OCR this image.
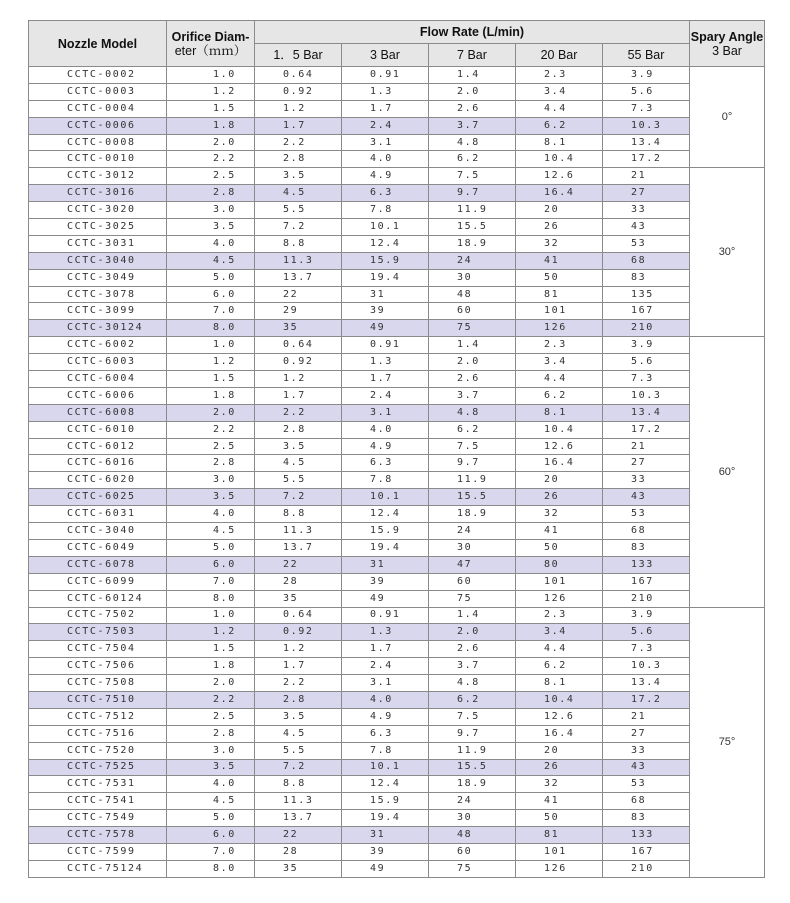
Nozzle Model	Orifice Diam-
eter（ｍｍ）	Flow Rate (L/min)					Spary Angle
3 Bar
		1．5 Bar	3 Bar	7 Bar	20 Bar	55 Bar	
CCTC-0002	1.0	0.64	0.91	1.4	2.3	3.9	0°
CCTC-0003	1.2	0.92	1.3	2.0	3.4	5.6	
CCTC-0004	1.5	1.2	1.7	2.6	4.4	7.3	
CCTC-0006	1.8	1.7	2.4	3.7	6.2	10.3	
CCTC-0008	2.0	2.2	3.1	4.8	8.1	13.4	
CCTC-0010	2.2	2.8	4.0	6.2	10.4	17.2	
CCTC-3012	2.5	3.5	4.9	7.5	12.6	21	30°
CCTC-3016	2.8	4.5	6.3	9.7	16.4	27	
CCTC-3020	3.0	5.5	7.8	11.9	20	33	
CCTC-3025	3.5	7.2	10.1	15.5	26	43	
CCTC-3031	4.0	8.8	12.4	18.9	32	53	
CCTC-3040	4.5	11.3	15.9	24	41	68	
CCTC-3049	5.0	13.7	19.4	30	50	83	
CCTC-3078	6.0	22	31	48	81	135	
CCTC-3099	7.0	29	39	60	101	167	
CCTC-30124	8.0	35	49	75	126	210	
CCTC-6002	1.0	0.64	0.91	1.4	2.3	3.9	60°
CCTC-6003	1.2	0.92	1.3	2.0	3.4	5.6	
CCTC-6004	1.5	1.2	1.7	2.6	4.4	7.3	
CCTC-6006	1.8	1.7	2.4	3.7	6.2	10.3	
CCTC-6008	2.0	2.2	3.1	4.8	8.1	13.4	
CCTC-6010	2.2	2.8	4.0	6.2	10.4	17.2	
CCTC-6012	2.5	3.5	4.9	7.5	12.6	21	
CCTC-6016	2.8	4.5	6.3	9.7	16.4	27	
CCTC-6020	3.0	5.5	7.8	11.9	20	33	
CCTC-6025	3.5	7.2	10.1	15.5	26	43	
CCTC-6031	4.0	8.8	12.4	18.9	32	53	
CCTC-3040	4.5	11.3	15.9	24	41	68	
CCTC-6049	5.0	13.7	19.4	30	50	83	
CCTC-6078	6.0	22	31	47	80	133	
CCTC-6099	7.0	28	39	60	101	167	
CCTC-60124	8.0	35	49	75	126	210	
CCTC-7502	1.0	0.64	0.91	1.4	2.3	3.9	75°
CCTC-7503	1.2	0.92	1.3	2.0	3.4	5.6	
CCTC-7504	1.5	1.2	1.7	2.6	4.4	7.3	
CCTC-7506	1.8	1.7	2.4	3.7	6.2	10.3	
CCTC-7508	2.0	2.2	3.1	4.8	8.1	13.4	
CCTC-7510	2.2	2.8	4.0	6.2	10.4	17.2	
CCTC-7512	2.5	3.5	4.9	7.5	12.6	21	
CCTC-7516	2.8	4.5	6.3	9.7	16.4	27	
CCTC-7520	3.0	5.5	7.8	11.9	20	33	
CCTC-7525	3.5	7.2	10.1	15.5	26	43	
CCTC-7531	4.0	8.8	12.4	18.9	32	53	
CCTC-7541	4.5	11.3	15.9	24	41	68	
CCTC-7549	5.0	13.7	19.4	30	50	83	
CCTC-7578	6.0	22	31	48	81	133	
CCTC-7599	7.0	28	39	60	101	167	
CCTC-75124	8.0	35	49	75	126	210	
